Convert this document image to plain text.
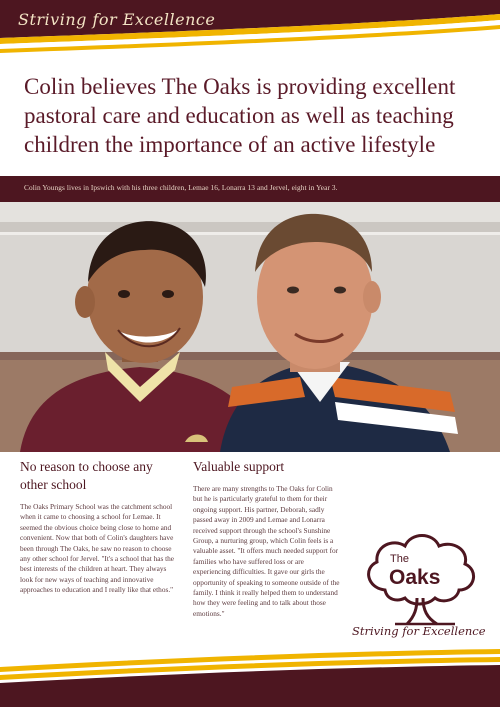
Striving for Excellence
Colin believes The Oaks is providing excellent
pastoral care and education as well as teaching
children the importance of an active lifestyle
Colin Youngs lives in Ipswich with his three children, Lemae 16, Lonarra 13 and Jervel, eight in Year 3.
No reason to choose any other school

The Oaks Primary School was the catchment school when it came to choosing a school for Lemae. It seemed the obvious choice being close to home and convenient. Now that both of Colin's daughters have been through The Oaks, he saw no reason to choose any other school for Jervel. "It's a school that has the best interests of the children at heart. They always look for new ways of teaching and innovative approaches to education and I really like that ethos."

Valuable support

There are many strengths to The Oaks for Colin but he is particularly grateful to them for their ongoing support. His partner, Deborah, sadly passed away in 2009 and Lemae and Lonarra received support through the school's Sunshine Group, a nurturing group, which Colin feels is a valuable asset. "It offers much needed support for families who have suffered loss or are experiencing difficulties. It gave our girls the opportunity of speaking to someone outside of the family. I think it really helped them to understand how they were feeling and to talk about those emotions."

The
Oaks
Striving for Excellence
